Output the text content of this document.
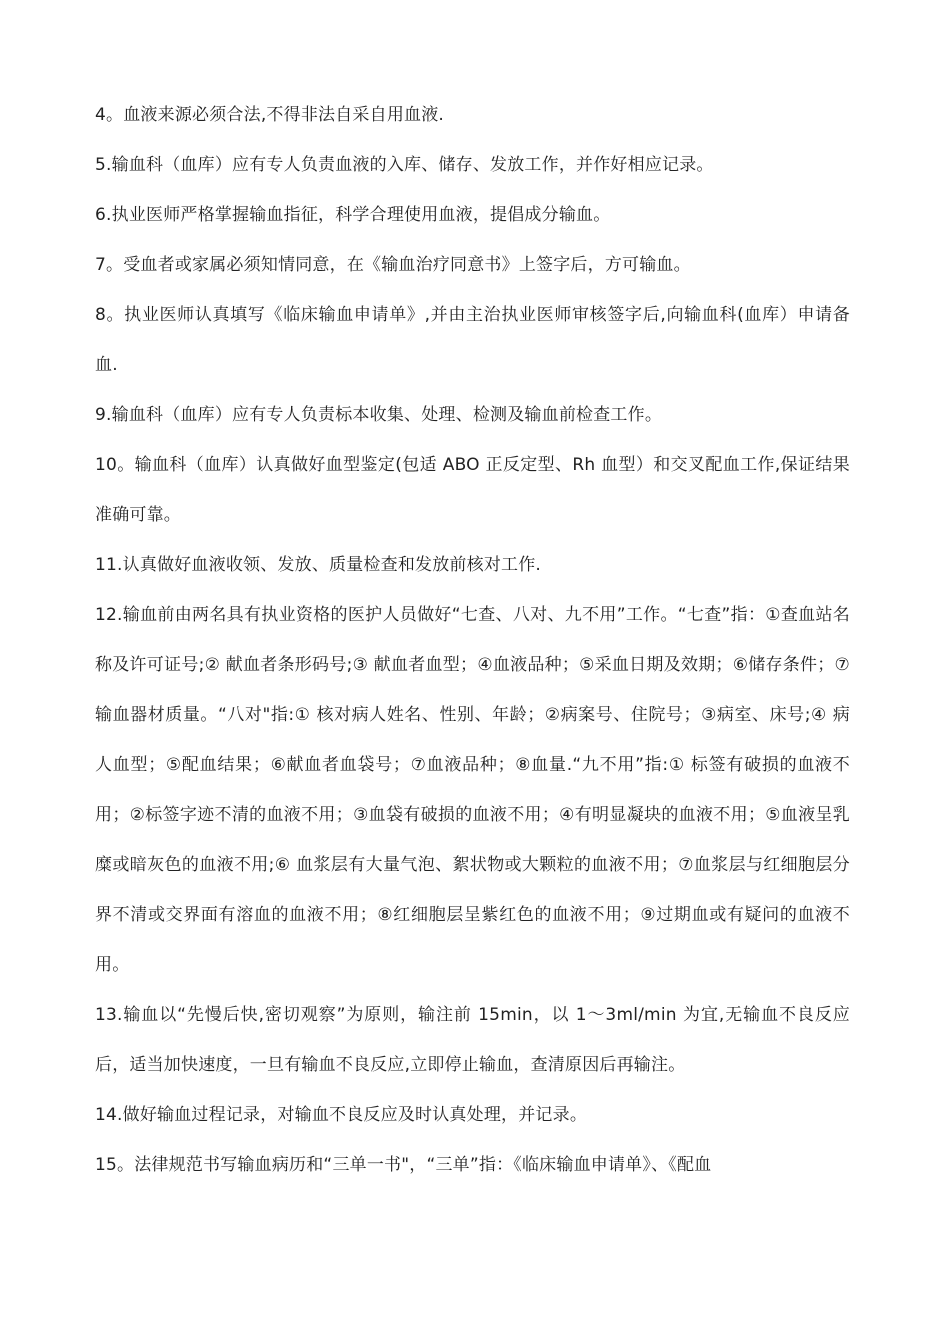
4。血液来源必须合法,不得非法自采自用血液.

5.输血科（血库）应有专人负责血液的入库、储存、发放工作，并作好相应记录。

6.执业医师严格掌握输血指征，科学合理使用血液，提倡成分输血。

7。受血者或家属必须知情同意，在《输血治疗同意书》上签字后，方可输血。

8。执业医师认真填写《临床输血申请单》,并由主治执业医师审核签字后,向输血科(血库）申请备血.

9.输血科（血库）应有专人负责标本收集、处理、检测及输血前检查工作。

10。输血科（血库）认真做好血型鉴定(包适 ABO 正反定型、Rh 血型）和交叉配血工作,保证结果准确可靠。

11.认真做好血液收领、发放、质量检查和发放前核对工作.

12.输血前由两名具有执业资格的医护人员做好“七查、八对、九不用”工作。“七查”指：①查血站名称及许可证号;② 献血者条形码号;③ 献血者血型；④血液品种；⑤采血日期及效期；⑥储存条件；⑦输血器材质量。“八对"指:① 核对病人姓名、性别、年龄；②病案号、住院号；③病室、床号;④ 病人血型；⑤配血结果；⑥献血者血袋号；⑦血液品种；⑧血量.“九不用”指:① 标签有破损的血液不用；②标签字迹不清的血液不用；③血袋有破损的血液不用；④有明显凝块的血液不用；⑤血液呈乳糜或暗灰色的血液不用;⑥ 血浆层有大量气泡、絮状物或大颗粒的血液不用；⑦血浆层与红细胞层分界不清或交界面有溶血的血液不用；⑧红细胞层呈紫红色的血液不用；⑨过期血或有疑问的血液不用。

13.输血以“先慢后快,密切观察”为原则，输注前 15min，以 1～3ml/min 为宜,无输血不良反应后，适当加快速度，一旦有输血不良反应,立即停止输血，查清原因后再输注。

14.做好输血过程记录，对输血不良反应及时认真处理，并记录。

15。法律规范书写输血病历和“三单一书"，“三单”指：《临床输血申请单》、《配血
